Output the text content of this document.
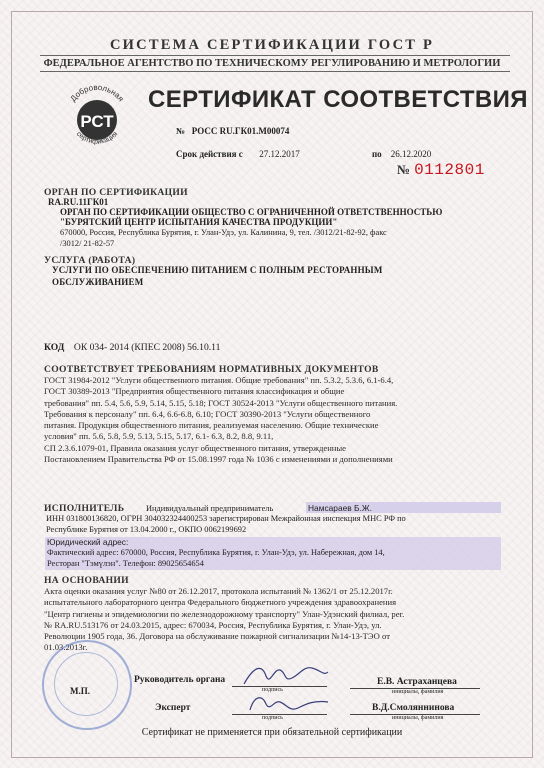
СИСТЕМА СЕРТИФИКАЦИИ ГОСТ Р
ФЕДЕРАЛЬНОЕ АГЕНТСТВО ПО ТЕХНИЧЕСКОМУ РЕГУЛИРОВАНИЮ И МЕТРОЛОГИИ
Добровольная
РСТ
сертификация
СЕРТИФИКАТ СООТВЕТСТВИЯ
№ РОСС RU.ГК01.М00074
Срок действия с 27.12.2017	по 26.12.2020
№ 0112801
ОРГАН ПО СЕРТИФИКАЦИИ
RA.RU.11ГК01
ОРГАН ПО СЕРТИФИКАЦИИ ОБЩЕСТВО С ОГРАНИЧЕННОЙ ОТВЕТСТВЕННОСТЬЮ
"БУРЯТСКИЙ ЦЕНТР ИСПЫТАНИЯ КАЧЕСТВА ПРОДУКЦИИ"
670000, Россия, Республика Бурятия, г. Улан-Удэ, ул. Калинина, 9, тел. /3012/21-82-92, факс
/3012/ 21-82-57
УСЛУГА (РАБОТА)
УСЛУГИ ПО ОБЕСПЕЧЕНИЮ ПИТАНИЕМ С ПОЛНЫМ РЕСТОРАННЫМ
ОБСЛУЖИВАНИЕМ
КОД ОК 034- 2014 (КПЕС 2008) 56.10.11
СООТВЕТСТВУЕТ ТРЕБОВАНИЯМ НОРМАТИВНЫХ ДОКУМЕНТОВ
ГОСТ 31984-2012 "Услуги общественного питания. Общие требования" пп. 5.3.2, 5.3.6, 6.1-6.4,
ГОСТ 30389-2013 "Предприятия общественного питания классификация и общие
требования" пп. 5.4, 5.6, 5.9, 5.14, 5.15, 5.18; ГОСТ 30524-2013 "Услуги общественного питания.
Требования к персоналу" пп. 6.4, 6.6-6.8, 6.10; ГОСТ 30390-2013 "Услуги общественного
питания. Продукция общественного питания, реализуемая населению. Общие технические
условия" пп. 5.6, 5.8, 5.9, 5.13, 5.15, 5.17, 6.1- 6.3, 8.2, 8.8, 9.11,
СП 2.3.6.1079-01, Правила оказания услуг общественного питания, утвержденные
Постановлением Правительства РФ от 15.08.1997 года № 1036 с изменениями и дополнениями
ИСПОЛНИТЕЛЬ	Индивидуальный предприниматель	Намсараев Б.Ж.
ИНН 031800136820, ОГРН 304032324400253 зарегистрирован Межрайонная инспекция МНС РФ по
Республике Бурятия от 13.04.2000 г., ОКПО 0062199692
Юридический адрес:
Фактический адрес: 670000, Россия, Республика Бурятия, г. Улан-Удэ, ул. Набережная, дом 14,
Ресторан "Тэмүлэн". Телефон: 89025654654
НА ОСНОВАНИИ
Акта оценки оказания услуг №80 от 26.12.2017, протокола испытаний № 1362/1 от 25.12.2017г.
испытательного лабораторного центра Федерального бюджетного учреждения здравоохранения
"Центр гигиены и эпидемиологии по железнодорожному транспорту" Улан-Удэнский филиал, рег.
№ RA.RU.513176 от 24.03.2015, адрес: 670034, Россия, Республика Бурятия, г. Улан-Удэ, ул.
Революции 1905 года, 36. Договора на обслуживание пожарной сигнализации №14-13-ТЭО от
01.03.2013г.
М.П.
Руководитель органа
подпись
Е.В. Астраханцева
инициалы, фамилия
Эксперт
подпись
В.Д.Смоляннинова
инициалы, фамилия
Сертификат не применяется при обязательной сертификации
